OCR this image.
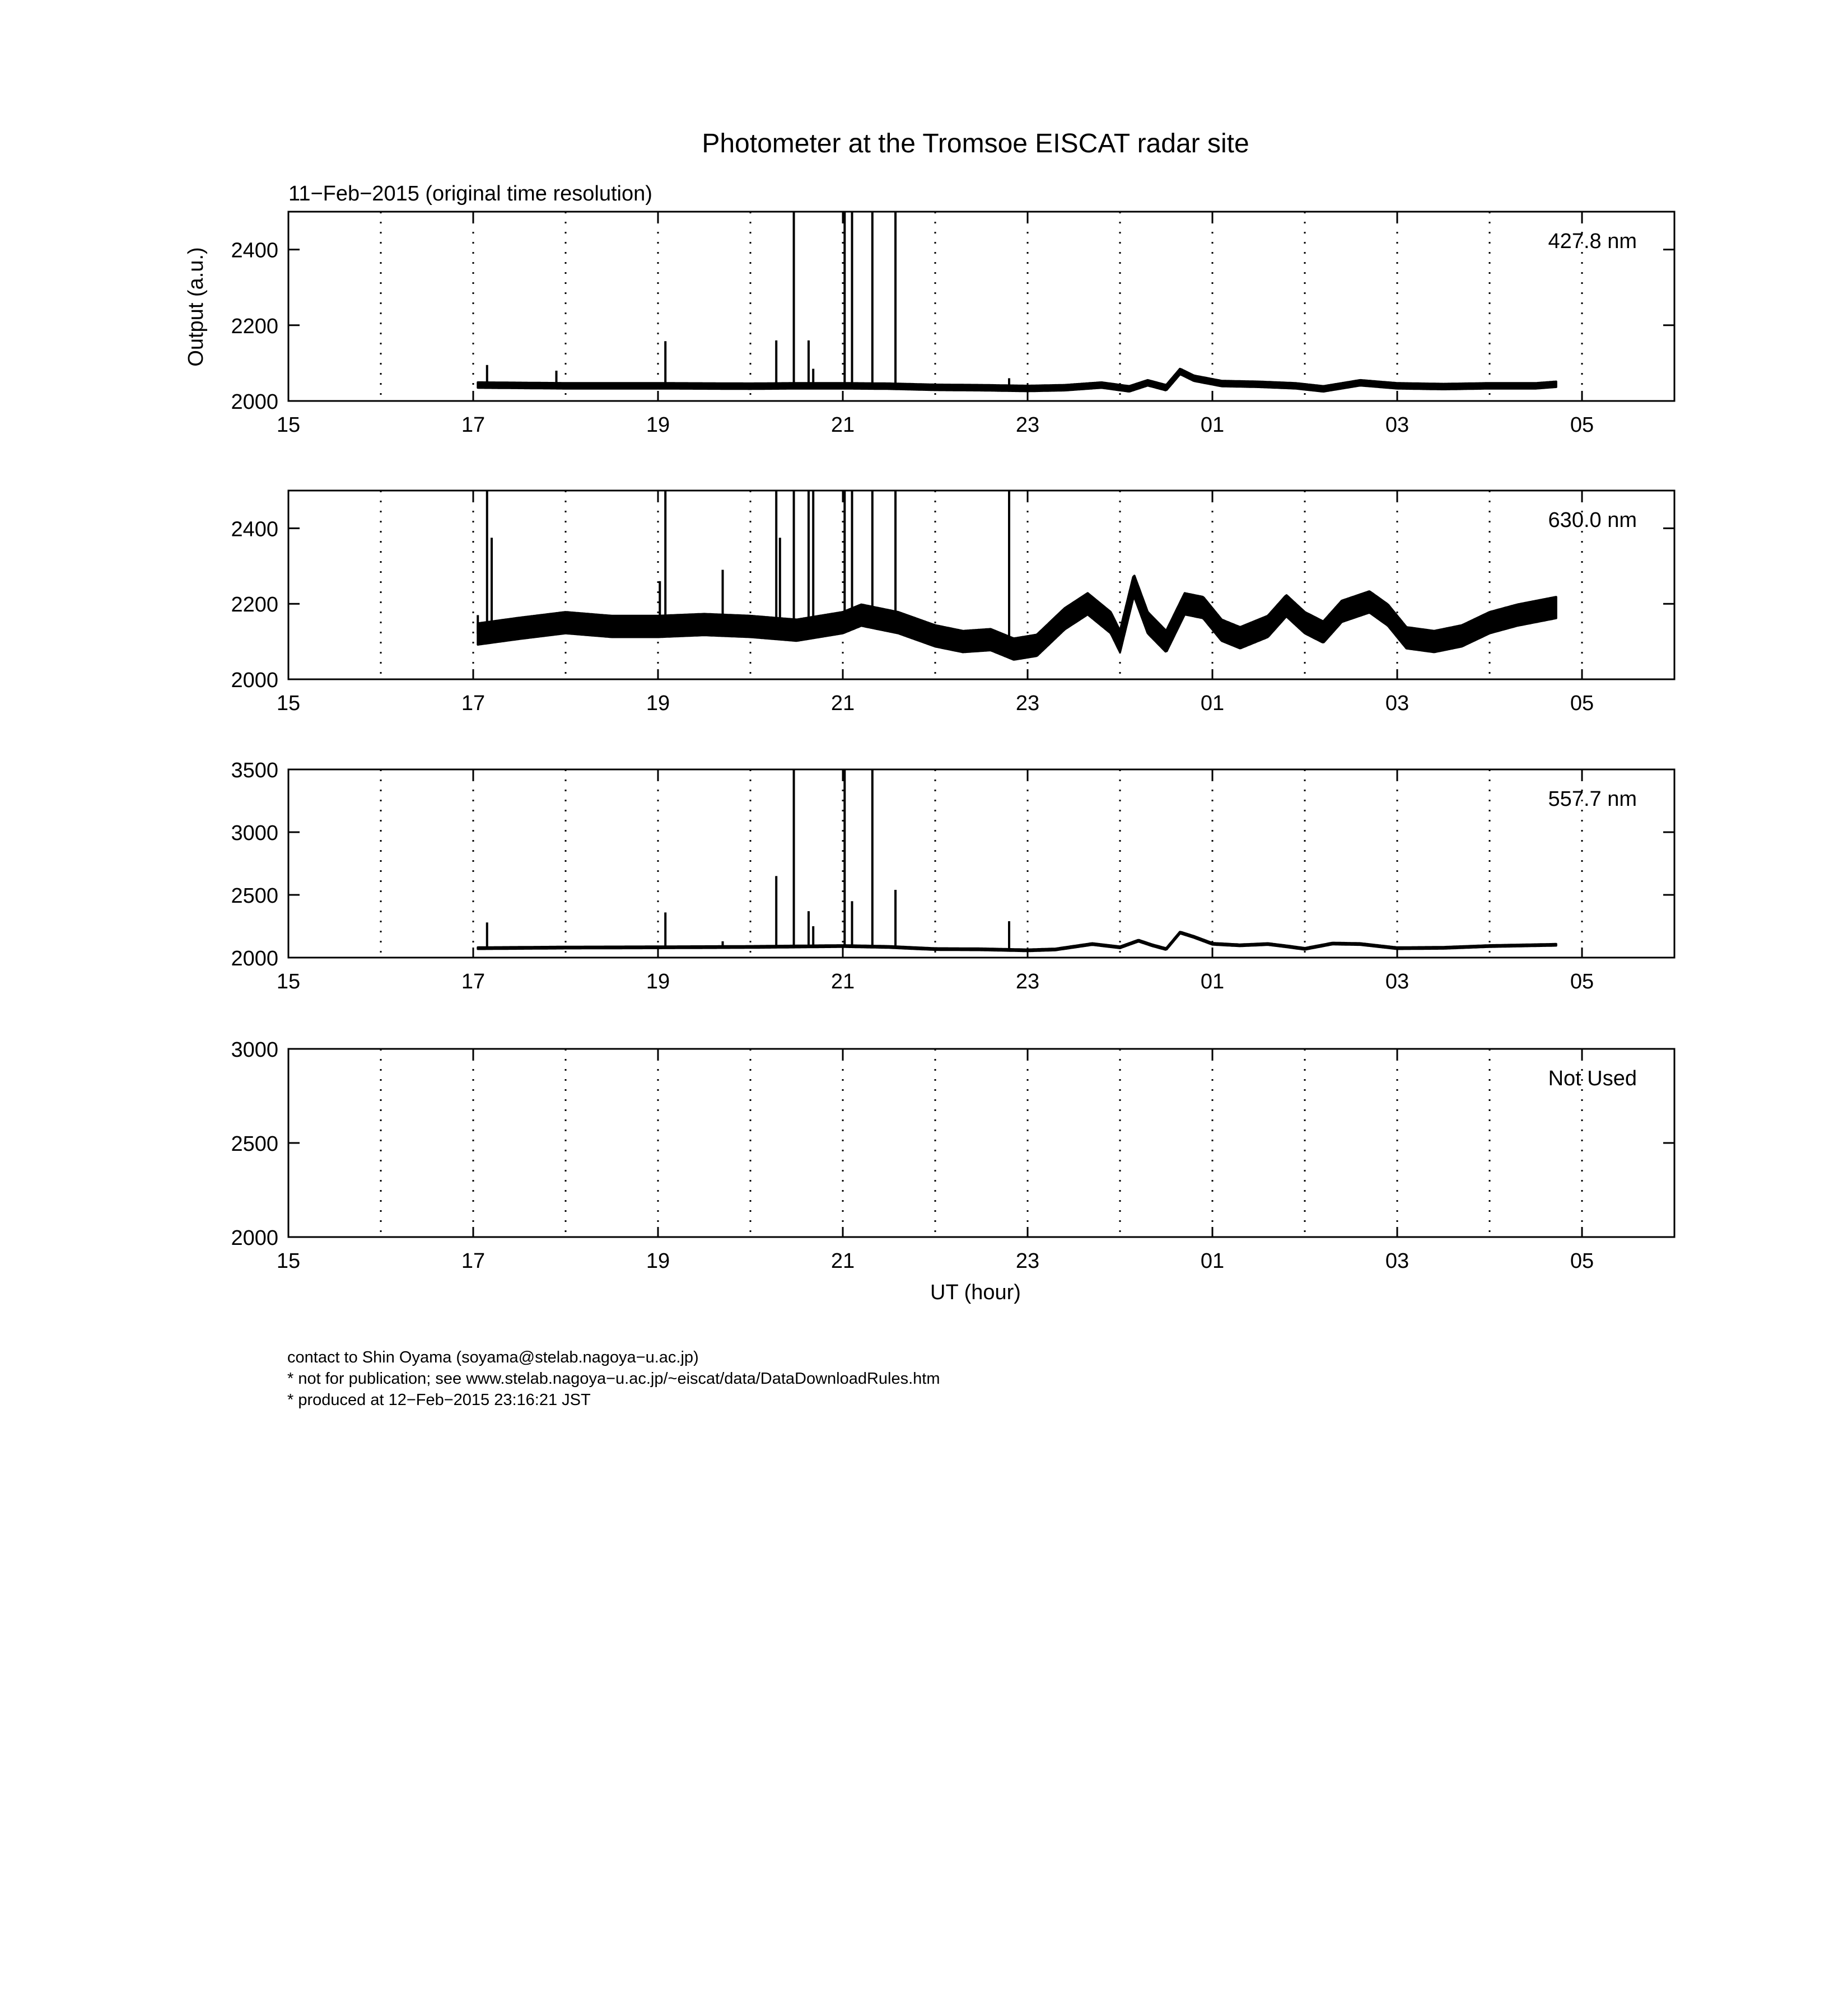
Photometer at the Tromsoe EISCAT radar site
11−Feb−2015 (original time resolution)
Output (a.u.)
UT (hour)
15	17	19	21	23	01	03	05
2000
2200
2400	427.8 nm
15	17	19	21	23	01	03	05
2000
2200
2400	630.0 nm
15	17	19	21	23	01	03	05
2000
2500
3000
3500
557.7 nm
15	17	19	21	23	01	03	05
2000
2500
3000
Not Used
contact to Shin Oyama (soyama@stelab.nagoya−u.ac.jp)
* not for publication; see www.stelab.nagoya−u.ac.jp/~eiscat/data/DataDownloadRules.htm
* produced at 12−Feb−2015 23:16:21 JST
